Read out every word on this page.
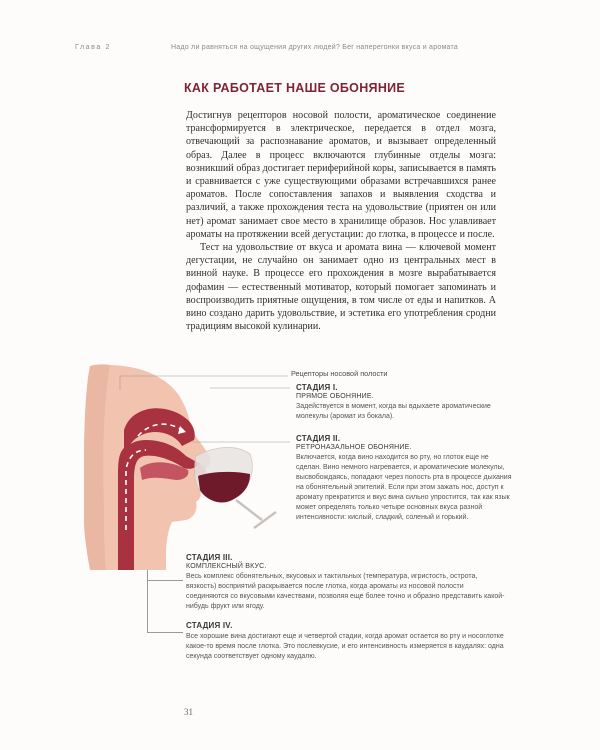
Глава 2	Надо ли равняться на ощущения других людей? Бег наперегонки вкуса и аромата
КАК РАБОТАЕТ НАШЕ ОБОНЯНИЕ

Достигнув рецепторов носовой полости, ароматическое соединение трансформируется в электрическое, передается в отдел мозга, отвечающий за распознавание ароматов, и вызывает определенный образ. Далее в процесс включаются глубинные отделы мозга: возникший образ достигает периферийной коры, записывается в память и сравнивается с уже существующими образами встречавшихся ранее ароматов. После сопоставления запахов и выявления сходства и различий, а также прохождения теста на удовольствие (приятен он или нет) аромат занимает свое место в хранилище образов. Нос улавливает ароматы на протяжении всей дегустации: до глотка, в процессе и после.

Тест на удовольствие от вкуса и аромата вина — ключевой момент дегустации, не случайно он занимает одно из центральных мест в винной науке. В процессе его прохождения в мозге вырабатывается дофамин — естественный мотиватор, который помогает запоминать и воспроизводить приятные ощущения, в том числе от еды и напитков. А вино создано дарить удовольствие, и эстетика его употребления сродни традициям высокой кулинарии.

Рецепторы носовой полости
СТАДИЯ I.
ПРЯМОЕ ОБОНЯНИЕ.
Задействуется в момент, когда вы вдыхаете ароматические молекулы (аромат из бокала).
СТАДИЯ II.
РЕТРОНАЗАЛЬНОЕ ОБОНЯНИЕ.
Включается, когда вино находится во рту, но глоток еще не сделан. Вино немного нагревается, и ароматические молекулы, высвобождаясь, попадают через полость рта в процессе дыхания на обонятельный эпителий. Если при этом зажать нос, доступ к аромату прекратится и вкус вина сильно упростится, так как язык может определять только четыре основных вкуса разной интенсивности: кислый, сладкий, соленый и горький.
СТАДИЯ III.
КОМПЛЕКСНЫЙ ВКУС.
Весь комплекс обонятельных, вкусовых и тактильных (температура, игристость, острота, вязкость) восприятий раскрывается после глотка, когда ароматы из носовой полости соединяются со вкусовыми качествами, позволяя еще более точно и образно представить какой-нибудь фрукт или ягоду.
СТАДИЯ IV.
Все хорошие вина достигают еще и четвертой стадии, когда аромат остается во рту и носоглотке какое-то время после глотка. Это послевкусие, и его интенсивность измеряется в кaудалях: одна секунда соответствует одному кaудалю.
31
